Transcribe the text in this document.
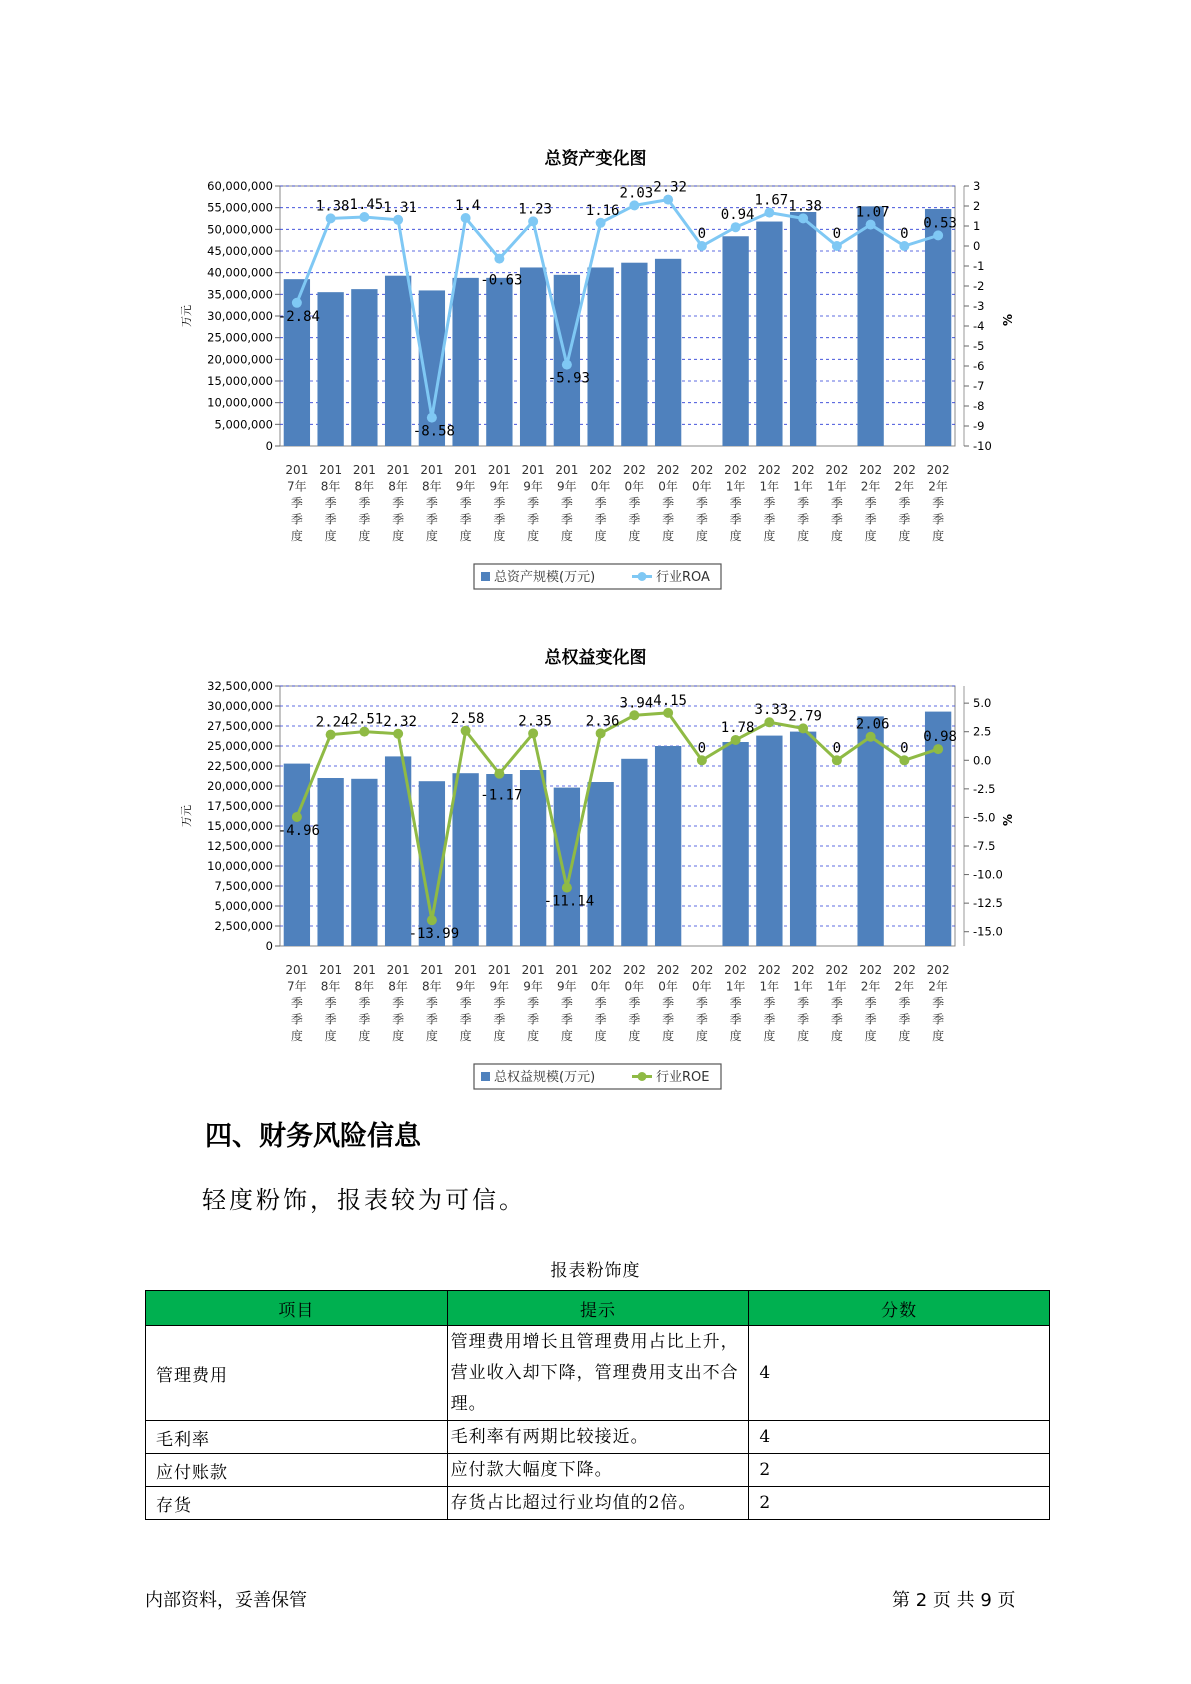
总资产变化图
60,000,000
55,000,000
50,000,000
45,000,000
40,000,000
35,000,000
30,000,000
25,000,000
20,000,000
15,000,000
10,000,000
5,000,000
0
万元
3
2
1
0
-1
-2
-3
-4
-5
-6
-7
-8
-9
-10
%
-2.84
1.38 1.45 1.31
-8.58
1.4
-0.63
1.23
-5.93
1.16
2.03 2.32
0
0.94
1.67 1.38
0
1.07
0
0.53
201 7年季季度
201 8年季季度
201 8年季季度
201 8年季季度
201 8年季季度
201 9年季季度
201 9年季季度
201 9年季季度
201 9年季季度
202 0年季季度
202 0年季季度
202 0年季季度
202 0年季季度
202 1年季季度
202 1年季季度
202 1年季季度
202 1年季季度
202 2年季季度
202 2年季季度
202 2年季季度
总资产规模(万元)	行业ROA
总权益变化图
32,500,000
30,000,000
27,500,000
25,000,000
22,500,000
20,000,000
17,500,000
15,000,000
12,500,000
10,000,000
7,500,000
5,000,000
2,500,000
0
万元
5.0
2.5
0.0
-2.5
-5.0
-7.5
-10.0
-12.5
-15.0
%
-4.96
2.24 2.51 2.32
-13.99
2.58
-1.17
2.35
-11.14
2.36
3.94 4.15
0
1.78
3.33 2.79
0
2.06
0
0.98
201 7年季季度
201 8年季季度
201 8年季季度
201 8年季季度
201 8年季季度
201 9年季季度
201 9年季季度
201 9年季季度
201 9年季季度
202 0年季季度
202 0年季季度
202 0年季季度
202 0年季季度
202 1年季季度
202 1年季季度
202 1年季季度
202 1年季季度
202 2年季季度
202 2年季季度
202 2年季季度
总权益规模(万元)	行业ROE
四、财务风险信息
轻度粉饰，报表较为可信。
报表粉饰度
项目	提示	分数
管理费用	管理费用增长且管理费用占比上升，营业收入却下降，管理费用支出不合理。	4
毛利率	毛利率有两期比较接近。	4
应付账款	应付款大幅度下降。	2
存货	存货占比超过行业均值的2倍。	2
内部资料，妥善保管	第 2 页 共 9 页
